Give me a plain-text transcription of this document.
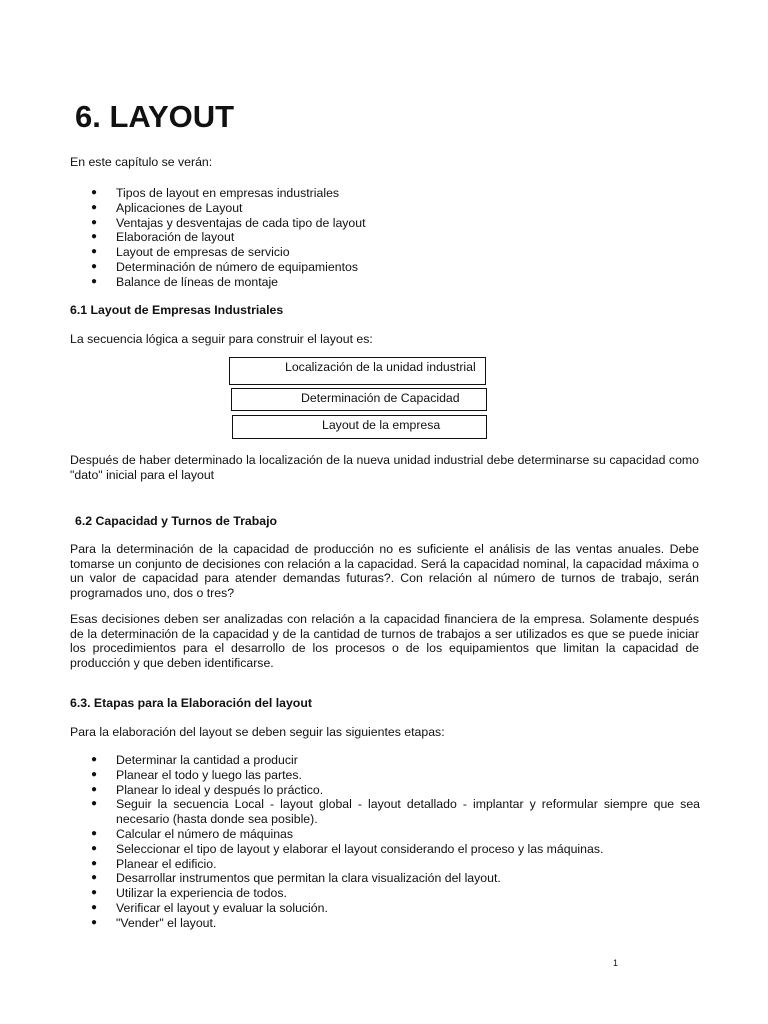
6. LAYOUT
En este capítulo se verán:
● Tipos de layout en empresas industriales
● Aplicaciones de Layout
● Ventajas y desventajas de cada tipo de layout
● Elaboración de layout
● Layout de empresas de servicio
● Determinación de número de equipamientos
● Balance de líneas de montaje
6.1 Layout de Empresas Industriales
La secuencia lógica a seguir para construir el layout es:
Localización de la unidad industrial
Determinación de Capacidad
Layout de la empresa
Después de haber determinado la localización de la nueva unidad industrial debe determinarse su capacidad como "dato" inicial para el layout
6.2 Capacidad y Turnos de Trabajo
Para la determinación de la capacidad de producción no es suficiente el análisis de las ventas anuales. Debe tomarse un conjunto de decisiones con relación a la capacidad. Será la capacidad nominal, la capacidad máxima o un valor de capacidad para atender demandas futuras?. Con relación al número de turnos de trabajo, serán programados uno, dos o tres?
Esas decisiones deben ser analizadas con relación a la capacidad financiera de la empresa. Solamente después de la determinación de la capacidad y de la cantidad de turnos de trabajos a ser utilizados es que se puede iniciar los procedimientos para el desarrollo de los procesos o de los equipamientos que limitan la capacidad de producción y que deben identificarse.
6.3. Etapas para la Elaboración del layout
Para la elaboración del layout se deben seguir las siguientes etapas:
● Determinar la cantidad a producir
● Planear el todo y luego las partes.
● Planear lo ideal y después lo práctico.
● Seguir la secuencia Local - layout global - layout detallado - implantar y reformular siempre que sea necesario (hasta donde sea posible).
● Calcular el número de máquinas
● Seleccionar el tipo de layout y elaborar el layout considerando el proceso y las máquinas.
● Planear el edificio.
● Desarrollar instrumentos que permitan la clara visualización del layout.
● Utilizar la experiencia de todos.
● Verificar el layout y evaluar la solución.
● "Vender" el layout.
1
